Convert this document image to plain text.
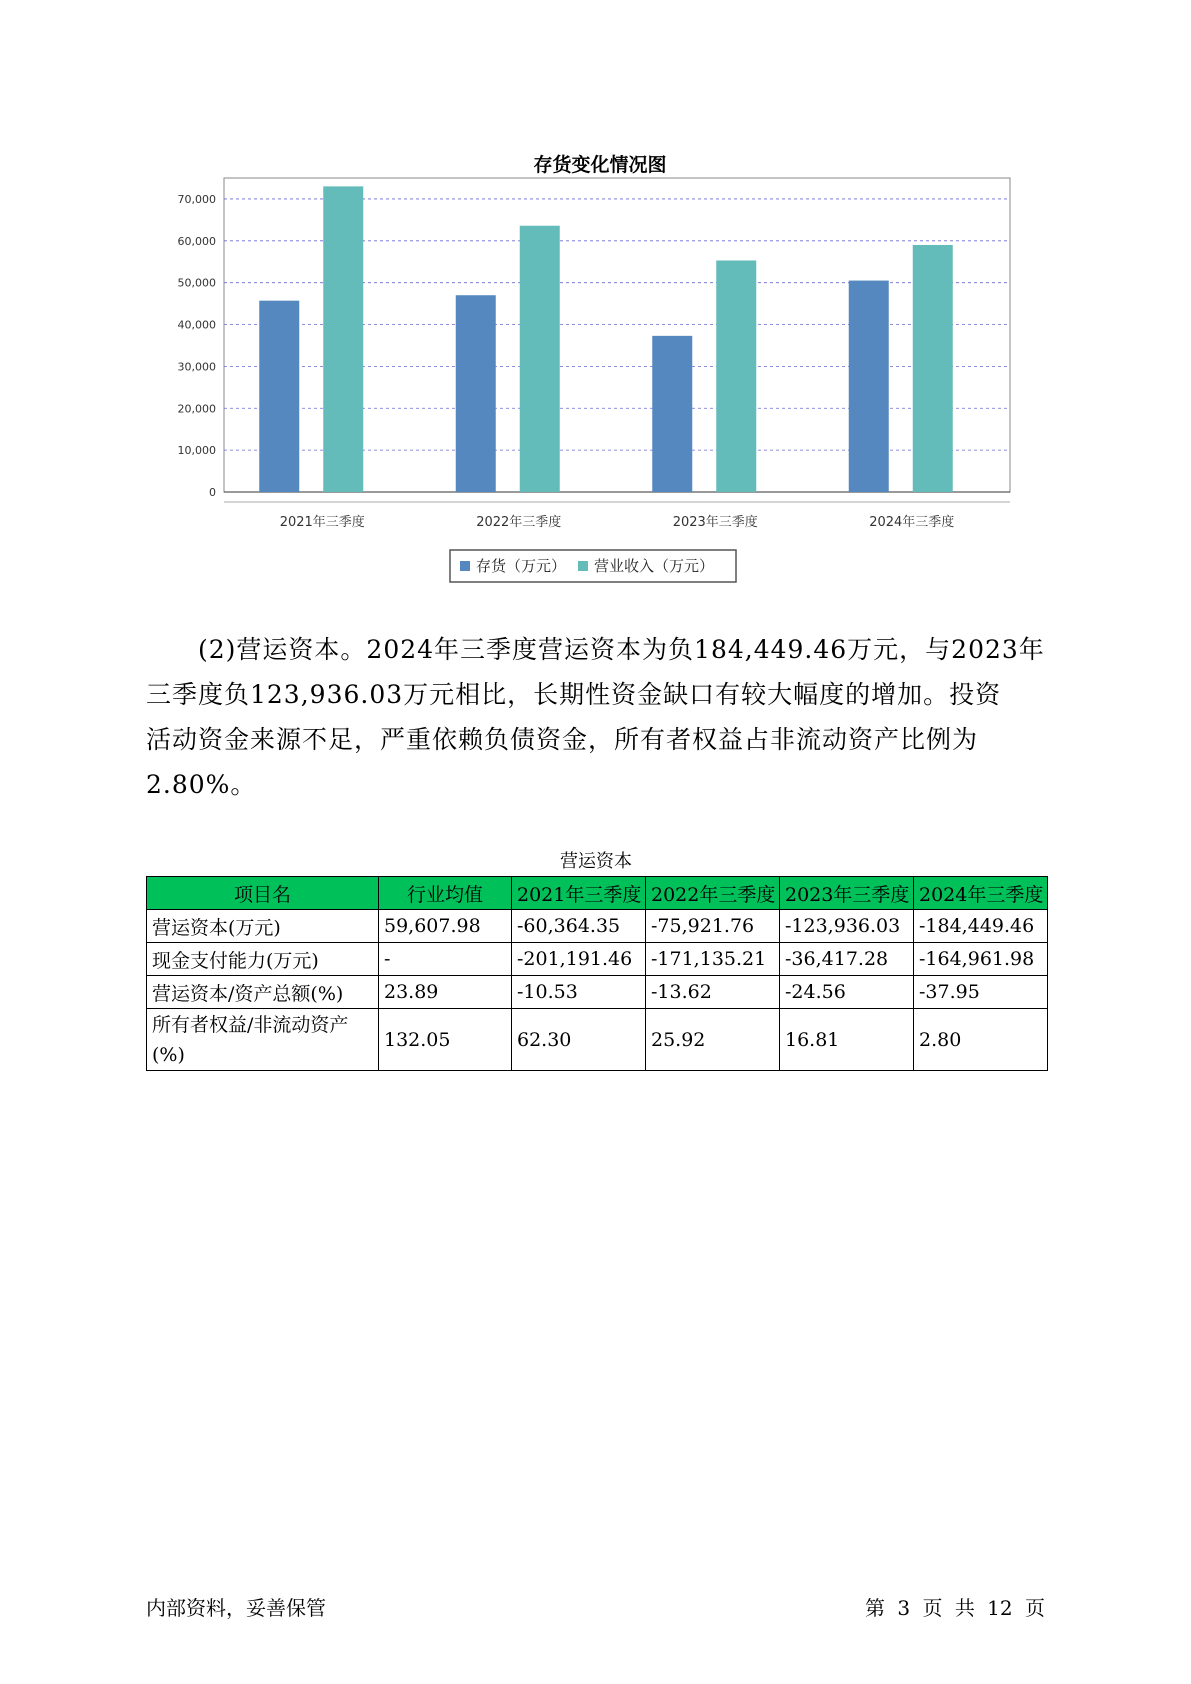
存货变化情况图
0
10,000
20,000
30,000
40,000
50,000
60,000
70,000
2021年三季度	2022年三季度	2023年三季度	2024年三季度
存货（万元） 营业收入（万元）

(2)营运资本。2024年三季度营运资本为负184,449.46万元，与2023年

三季度负123,936.03万元相比，长期性资金缺口有较大幅度的增加。投资

活动资金来源不足，严重依赖负债资金，所有者权益占非流动资产比例为

2.80%。

营运资本
项目名	行业均值	2021年三季度	2022年三季度	2023年三季度	2024年三季度
营运资本(万元)	59,607.98	-60,364.35	-75,921.76	-123,936.03	-184,449.46
现金支付能力(万元)	-	-201,191.46	-171,135.21	-36,417.28	-164,961.98
营运资本/资产总额(%)	23.89	-10.53	-13.62	-24.56	-37.95
所有者权益/非流动资产(%)	132.05	62.30	25.92	16.81	2.80
内部资料，妥善保管	第 3 页 共 12 页
